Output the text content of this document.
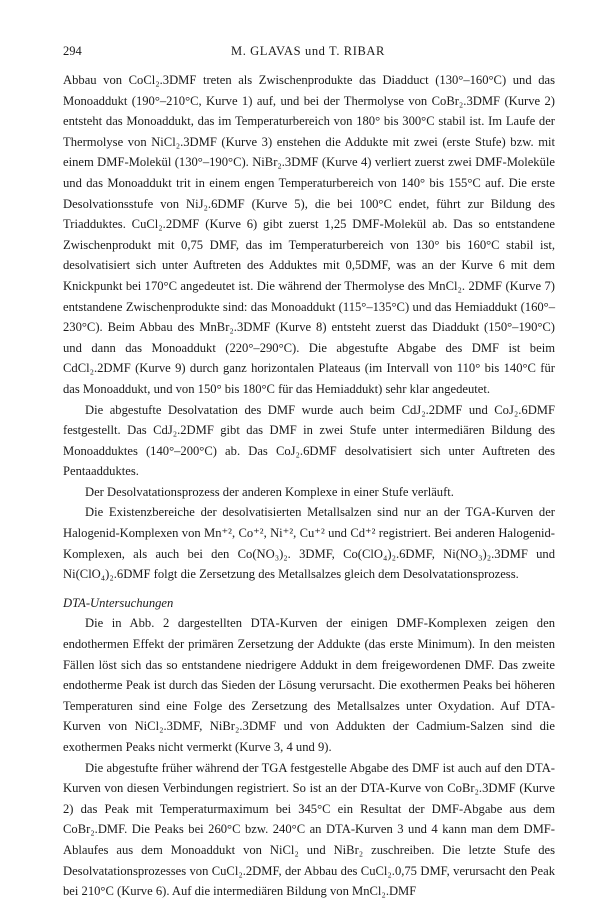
294	M. GLAVAS und T. RIBAR

Abbau von CoCl₂.3DMF treten als Zwischenprodukte das Diadduct (130°–160°C) und das Monoaddukt (190°–210°C, Kurve 1) auf, und bei der Thermolyse von CoBr₂.3DMF (Kurve 2) entsteht das Monoaddukt, das im Temperaturbereich von 180° bis 300°C stabil ist. Im Laufe der Thermolyse von NiCl₂.3DMF (Kurve 3) enstehen die Addukte mit zwei (erste Stufe) bzw. mit einem DMF-Molekül (130°–190°C). NiBr₂.3DMF (Kurve 4) verliert zuerst zwei DMF-Moleküle und das Monoaddukt trit in einem engen Temperaturbereich von 140° bis 155°C auf. Die erste Desolvationsstufe von NiJ₂.6DMF (Kurve 5), die bei 100°C endet, führt zur Bildung des Triadduktes. CuCl₂.2DMF (Kurve 6) gibt zuerst 1,25 DMF-Molekül ab. Das so entstandene Zwischenprodukt mit 0,75 DMF, das im Temperaturbereich von 130° bis 160°C stabil ist, desolvatisiert sich unter Auftreten des Adduktes mit 0,5DMF, was an der Kurve 6 mit dem Knickpunkt bei 170°C angedeutet ist. Die während der Thermolyse des MnCl₂. 2DMF (Kurve 7) entstandene Zwischenprodukte sind: das Monoaddukt (115°–135°C) und das Hemiaddukt (160°–230°C). Beim Abbau des MnBr₂.3DMF (Kurve 8) entsteht zuerst das Diaddukt (150°–190°C) und dann das Monoaddukt (220°–290°C). Die abgestufte Abgabe des DMF ist beim CdCl₂.2DMF (Kurve 9) durch ganz horizontalen Plateaus (im Intervall von 110° bis 140°C für das Monoaddukt, und von 150° bis 180°C für das Hemiaddukt) sehr klar angedeutet.

Die abgestufte Desolvatation des DMF wurde auch beim CdJ₂.2DMF und CoJ₂.6DMF festgestellt. Das CdJ₂.2DMF gibt das DMF in zwei Stufe unter intermediären Bildung des Monoadduktes (140°–200°C) ab. Das CoJ₂.6DMF desolvatisiert sich unter Auftreten des Pentaadduktes.

Der Desolvatationsprozess der anderen Komplexe in einer Stufe verläuft.

Die Existenzbereiche der desolvatisierten Metallsalzen sind nur an der TGA-Kurven der Halogenid-Komplexen von Mn⁺², Co⁺², Ni⁺², Cu⁺² und Cd⁺² registriert. Bei anderen Halogenid-Komplexen, als auch bei den Co(NO₃)₂. 3DMF, Co(ClO₄)₂.6DMF, Ni(NO₃)₂.3DMF und Ni(ClO₄)₂.6DMF folgt die Zersetzung des Metallsalzes gleich dem Desolvatationsprozess.

DTA-Untersuchungen

Die in Abb. 2 dargestellten DTA-Kurven der einigen DMF-Komplexen zeigen den endothermen Effekt der primären Zersetzung der Addukte (das erste Minimum). In den meisten Fällen löst sich das so entstandene niedrigere Addukt in dem freigewordenen DMF. Das zweite endotherme Peak ist durch das Sieden der Lösung verursacht. Die exothermen Peaks bei höheren Temperaturen sind eine Folge des Zersetzung des Metallsalzes unter Oxydation. Auf DTA-Kurven von NiCl₂.3DMF, NiBr₂.3DMF und von Addukten der Cadmium-Salzen sind die exothermen Peaks nicht vermerkt (Kurve 3, 4 und 9).

Die abgestufte früher während der TGA festgestelle Abgabe des DMF ist auch auf den DTA-Kurven von diesen Verbindungen registriert. So ist an der DTA-Kurve von CoBr₂.3DMF (Kurve 2) das Peak mit Temperaturmaximum bei 345°C ein Resultat der DMF-Abgabe aus dem CoBr₂.DMF. Die Peaks bei 260°C bzw. 240°C an DTA-Kurven 3 und 4 kann man dem DMF-Ablaufes aus dem Monoaddukt von NiCl₂ und NiBr₂ zuschreiben. Die letzte Stufe des Desolvatationsprozesses von CuCl₂.2DMF, der Abbau des CuCl₂.0,75 DMF, verursacht den Peak bei 210°C (Kurve 6). Auf die intermediären Bildung von MnCl₂.DMF
